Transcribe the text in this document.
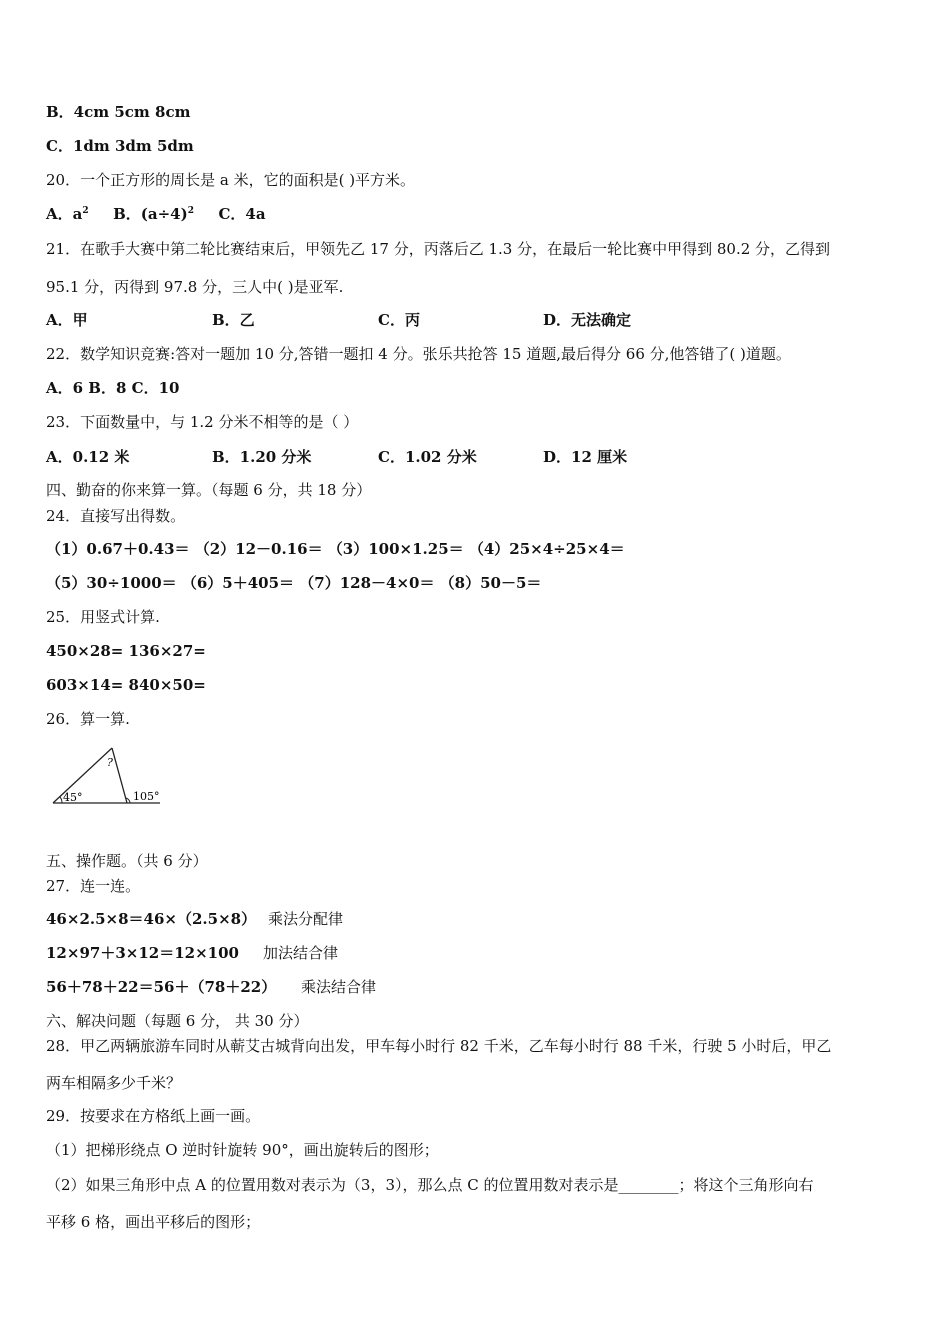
B．4cm 5cm 8cm
C．1dm 3dm 5dm
20．一个正方形的周长是 a 米，它的面积是( )平方米。
A．$a^2$ B．$(a\div 4)^2$ C．4a
21．在歌手大赛中第二轮比赛结束后，甲领先乙 17 分，丙落后乙 1.3 分，在最后一轮比赛中甲得到 80.2 分，乙得到
95.1 分，丙得到 97.8 分，三人中( )是亚军.
A．甲	B．乙	C．丙	D．无法确定
22．数学知识竞赛:答对一题加 10 分,答错一题扣 4 分。张乐共抢答 15 道题,最后得分 66 分,他答错了( )道题。
A．6 B．8 C．10
23．下面数量中，与 1.2 分米不相等的是（ ）
A．0.12 米	B．1.20 分米	C．1.02 分米	D．12 厘米
四、勤奋的你来算一算。（每题 6 分，共 18 分）
24．直接写出得数。
（1）0.67＋0.43＝ （2）12－0.16＝ （3）100×1.25＝ （4）25×4÷25×4＝
（5）30÷1000＝ （6）5＋405＝ （7）128－4×0＝ （8）50－5＝
25．用竖式计算.
450×28= 136×27=
603×14= 840×50=
26．算一算.
?
45°	105°
五、操作题。（共 6 分）
27．连一连。
46×2.5×8＝46×（2.5×8）
12×97＋3×12＝12×100
56＋78＋22＝56＋（78＋22）
乘法分配律
加法结合律
乘法结合律
六、解决问题（每题 6 分， 共 30 分）
28．甲乙两辆旅游车同时从蕲艾古城背向出发，甲车每小时行 82 千米，乙车每小时行 88 千米，行驶 5 小时后，甲乙
两车相隔多少千米？
29．按要求在方格纸上画一画。
（1）把梯形绕点 O 逆时针旋转 90°，画出旋转后的图形；
（2）如果三角形中点 A 的位置用数对表示为（3，3），那么点 C 的位置用数对表示是________；将这个三角形向右
平移 6 格，画出平移后的图形；
